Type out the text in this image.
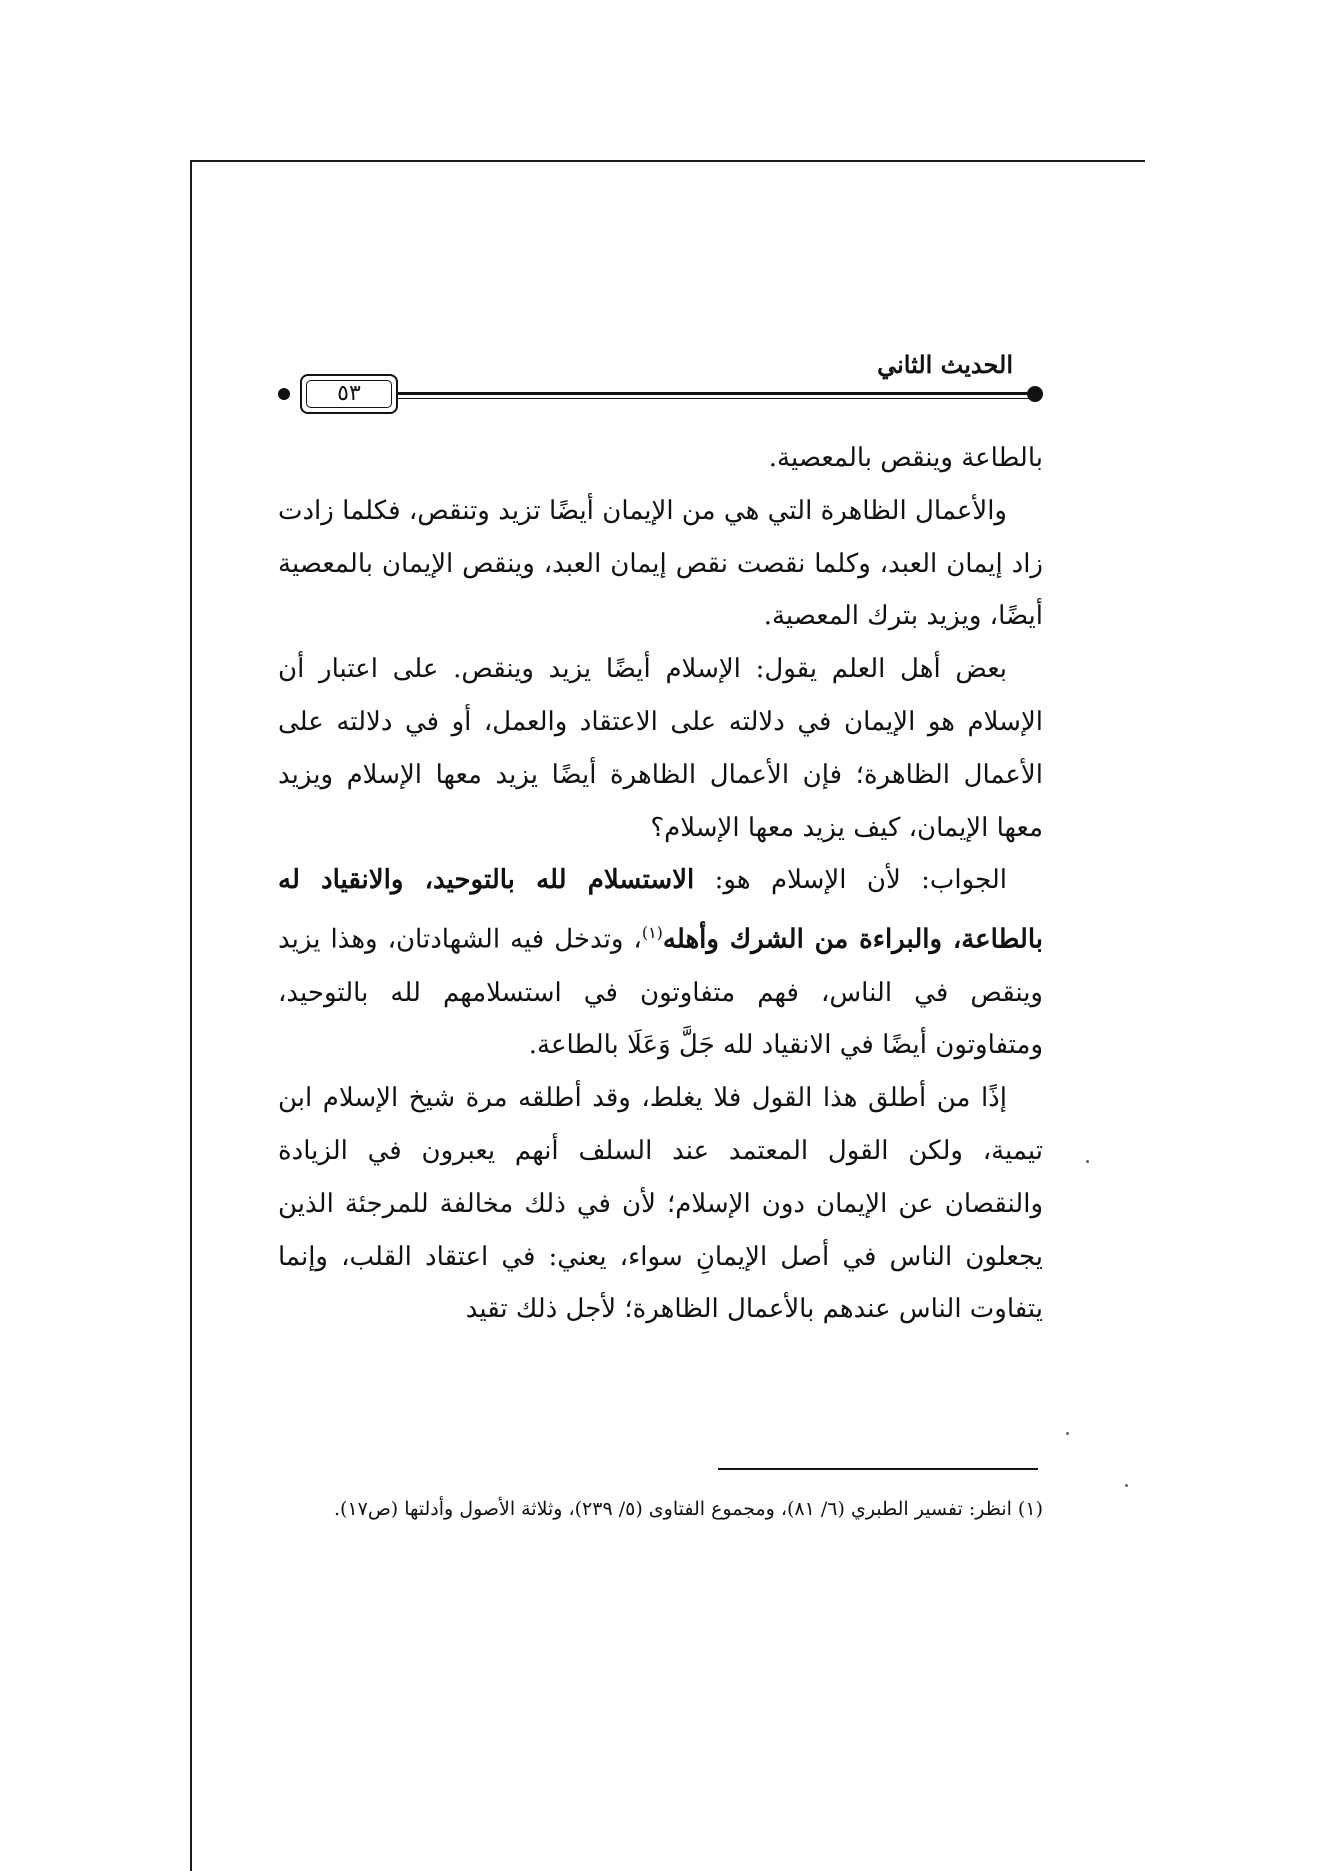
٥٣
الحديث الثاني

بالطاعة وينقص بالمعصية.

والأعمال الظاهرة التي هي من الإيمان أيضًا تزيد وتنقص، فكلما زادت زاد إيمان العبد، وكلما نقصت نقص إيمان العبد، وينقص الإيمان بالمعصية أيضًا، ويزيد بترك المعصية.

بعض أهل العلم يقول: الإسلام أيضًا يزيد وينقص. على اعتبار أن الإسلام هو الإيمان في دلالته على الاعتقاد والعمل، أو في دلالته على الأعمال الظاهرة؛ فإن الأعمال الظاهرة أيضًا يزيد معها الإسلام ويزيد معها الإيمان، كيف يزيد معها الإسلام؟

الجواب: لأن الإسلام هو: الاستسلام لله بالتوحيد، والانقياد له بالطاعة، والبراءة من الشرك وأهله$^{(١)}$، وتدخل فيه الشهادتان، وهذا يزيد وينقص في الناس، فهم متفاوتون في استسلامهم لله بالتوحيد، ومتفاوتون أيضًا في الانقياد لله جَلَّ وَعَلَا بالطاعة.

إذًا من أطلق هذا القول فلا يغلط، وقد أطلقه مرة شيخ الإسلام ابن تيمية، ولكن القول المعتمد عند السلف أنهم يعبرون في الزيادة والنقصان عن الإيمان دون الإسلام؛ لأن في ذلك مخالفة للمرجئة الذين يجعلون الناس في أصل الإيمانِ سواء، يعني: في اعتقاد القلب، وإنما يتفاوت الناس عندهم بالأعمال الظاهرة؛ لأجل ذلك تقيد

(١) انظر: تفسير الطبري (٦/ ٨١)، ومجموع الفتاوى (٥/ ٢٣٩)، وثلاثة الأصول وأدلتها (ص١٧).
